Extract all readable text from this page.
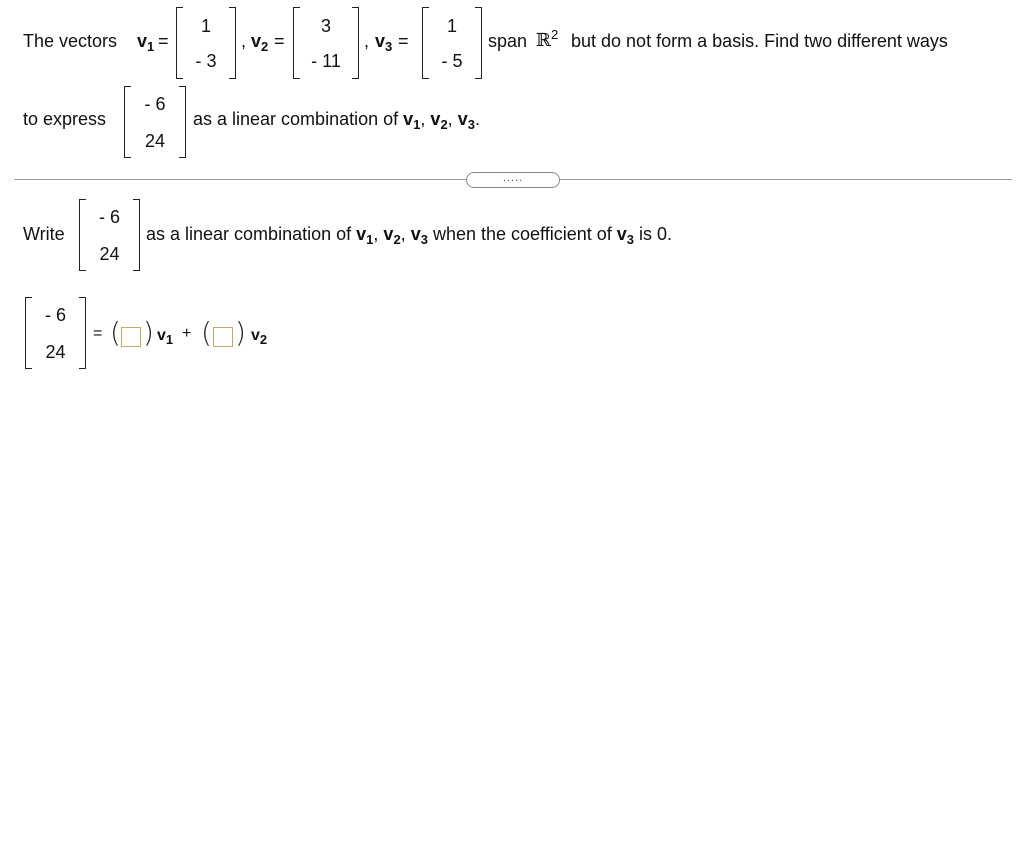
The vectors $v_1$ =
1
- 3
, $v_2$ =
3
- 11
, $v_3$ =
1
- 5
span ℝ$^2$ but do not form a basis. Find two different ways
to express
- 6
24
as a linear combination of $v_1$, $v_2$, $v_3$.
.....
Write
- 6
24
as a linear combination of $v_1$, $v_2$, $v_3$ when the coefficient of $v_3$ is 0.
- 6
24
= ( ) $v_1$ + ( ) $v_2$
